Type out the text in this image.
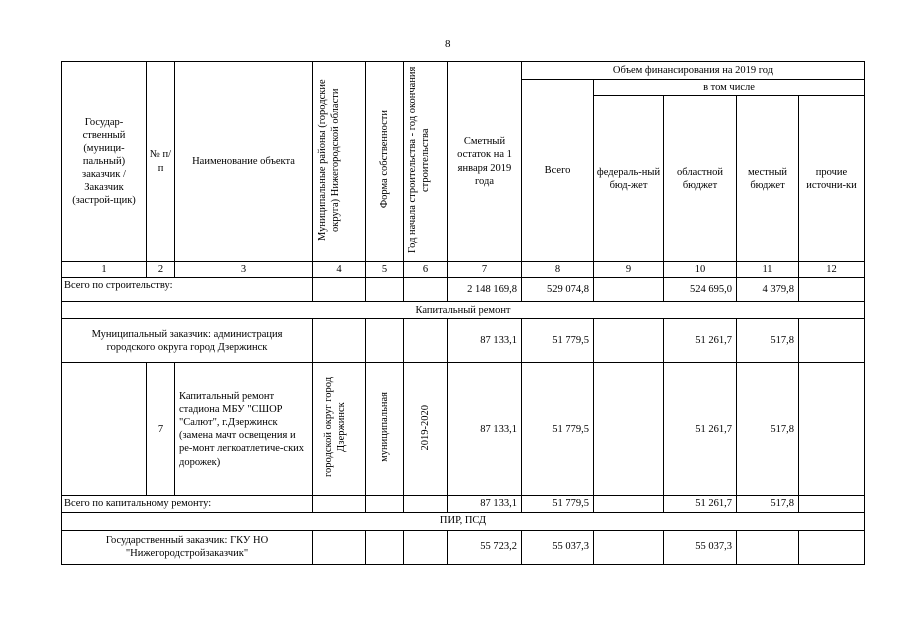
8
Государ-ственный (муници-пальный) заказчик / Заказчик (застрой-щик)	№ п/п	Наименование объекта	Муниципальные районы (городские округа) Нижегородской области	Форма собственности	Год начала строительства - год окончания строительства	Сметный остаток на 1 января 2019 года	Объем финансирования на 2019 год				
							Всего	в том числе			
								федераль-ный бюд-жет	областной бюджет	местный бюджет	прочие источни-ки
1	2	3	4	5	6	7	8	9	10	11	12
Всего по строительству:						2 148 169,8	529 074,8		524 695,0	4 379,8	
Капитальный ремонт											
Муниципальный заказчик: администрация городского округа город Дзержинск						87 133,1	51 779,5		51 261,7	517,8	
	7	Капитальный ремонт стадиона МБУ "СШОР "Салют", г.Дзержинск (замена мачт освещения и ре-монт легкоатлетиче-ских дорожек)	городской округ город Дзержинск	муниципальная	2019-2020	87 133,1	51 779,5		51 261,7	517,8	
Всего по капитальному ремонту:						87 133,1	51 779,5		51 261,7	517,8	
ПИР, ПСД											
Государственный заказчик: ГКУ НО "Нижегородстройзаказчик"						55 723,2	55 037,3		55 037,3		
